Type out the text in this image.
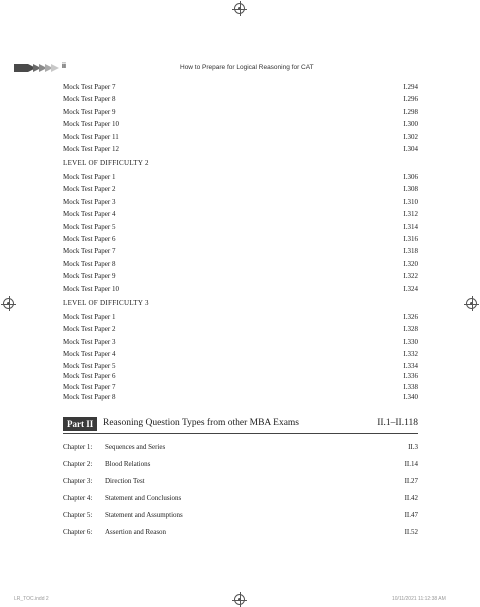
ii	How to Prepare for Logical Reasoning for CAT
Mock Test Paper 7	I.294
Mock Test Paper 8	I.296
Mock Test Paper 9	I.298
Mock Test Paper 10	I.300
Mock Test Paper 11	I.302
Mock Test Paper 12	I.304
LEVEL OF DIFFICULTY 2
Mock Test Paper 1	I.306
Mock Test Paper 2	I.308
Mock Test Paper 3	I.310
Mock Test Paper 4	I.312
Mock Test Paper 5	I.314
Mock Test Paper 6	I.316
Mock Test Paper 7	I.318
Mock Test Paper 8	I.320
Mock Test Paper 9	I.322
Mock Test Paper 10	I.324
LEVEL OF DIFFICULTY 3
Mock Test Paper 1	I.326
Mock Test Paper 2	I.328
Mock Test Paper 3	I.330
Mock Test Paper 4	I.332
Mock Test Paper 5	I.334
Mock Test Paper 6	I.336
Mock Test Paper 7	I.338
Mock Test Paper 8	I.340
Part II	Reasoning Question Types from other MBA Exams	II.1–II.118
Chapter 1: Sequences and Series	II.3
Chapter 2: Blood Relations	II.14
Chapter 3: Direction Test	II.27
Chapter 4: Statement and Conclusions	II.42
Chapter 5: Statement and Assumptions	II.47
Chapter 6: Assertion and Reason	II.52
LR_TOC.indd 2	10/11/2021 11:12:38 AM
